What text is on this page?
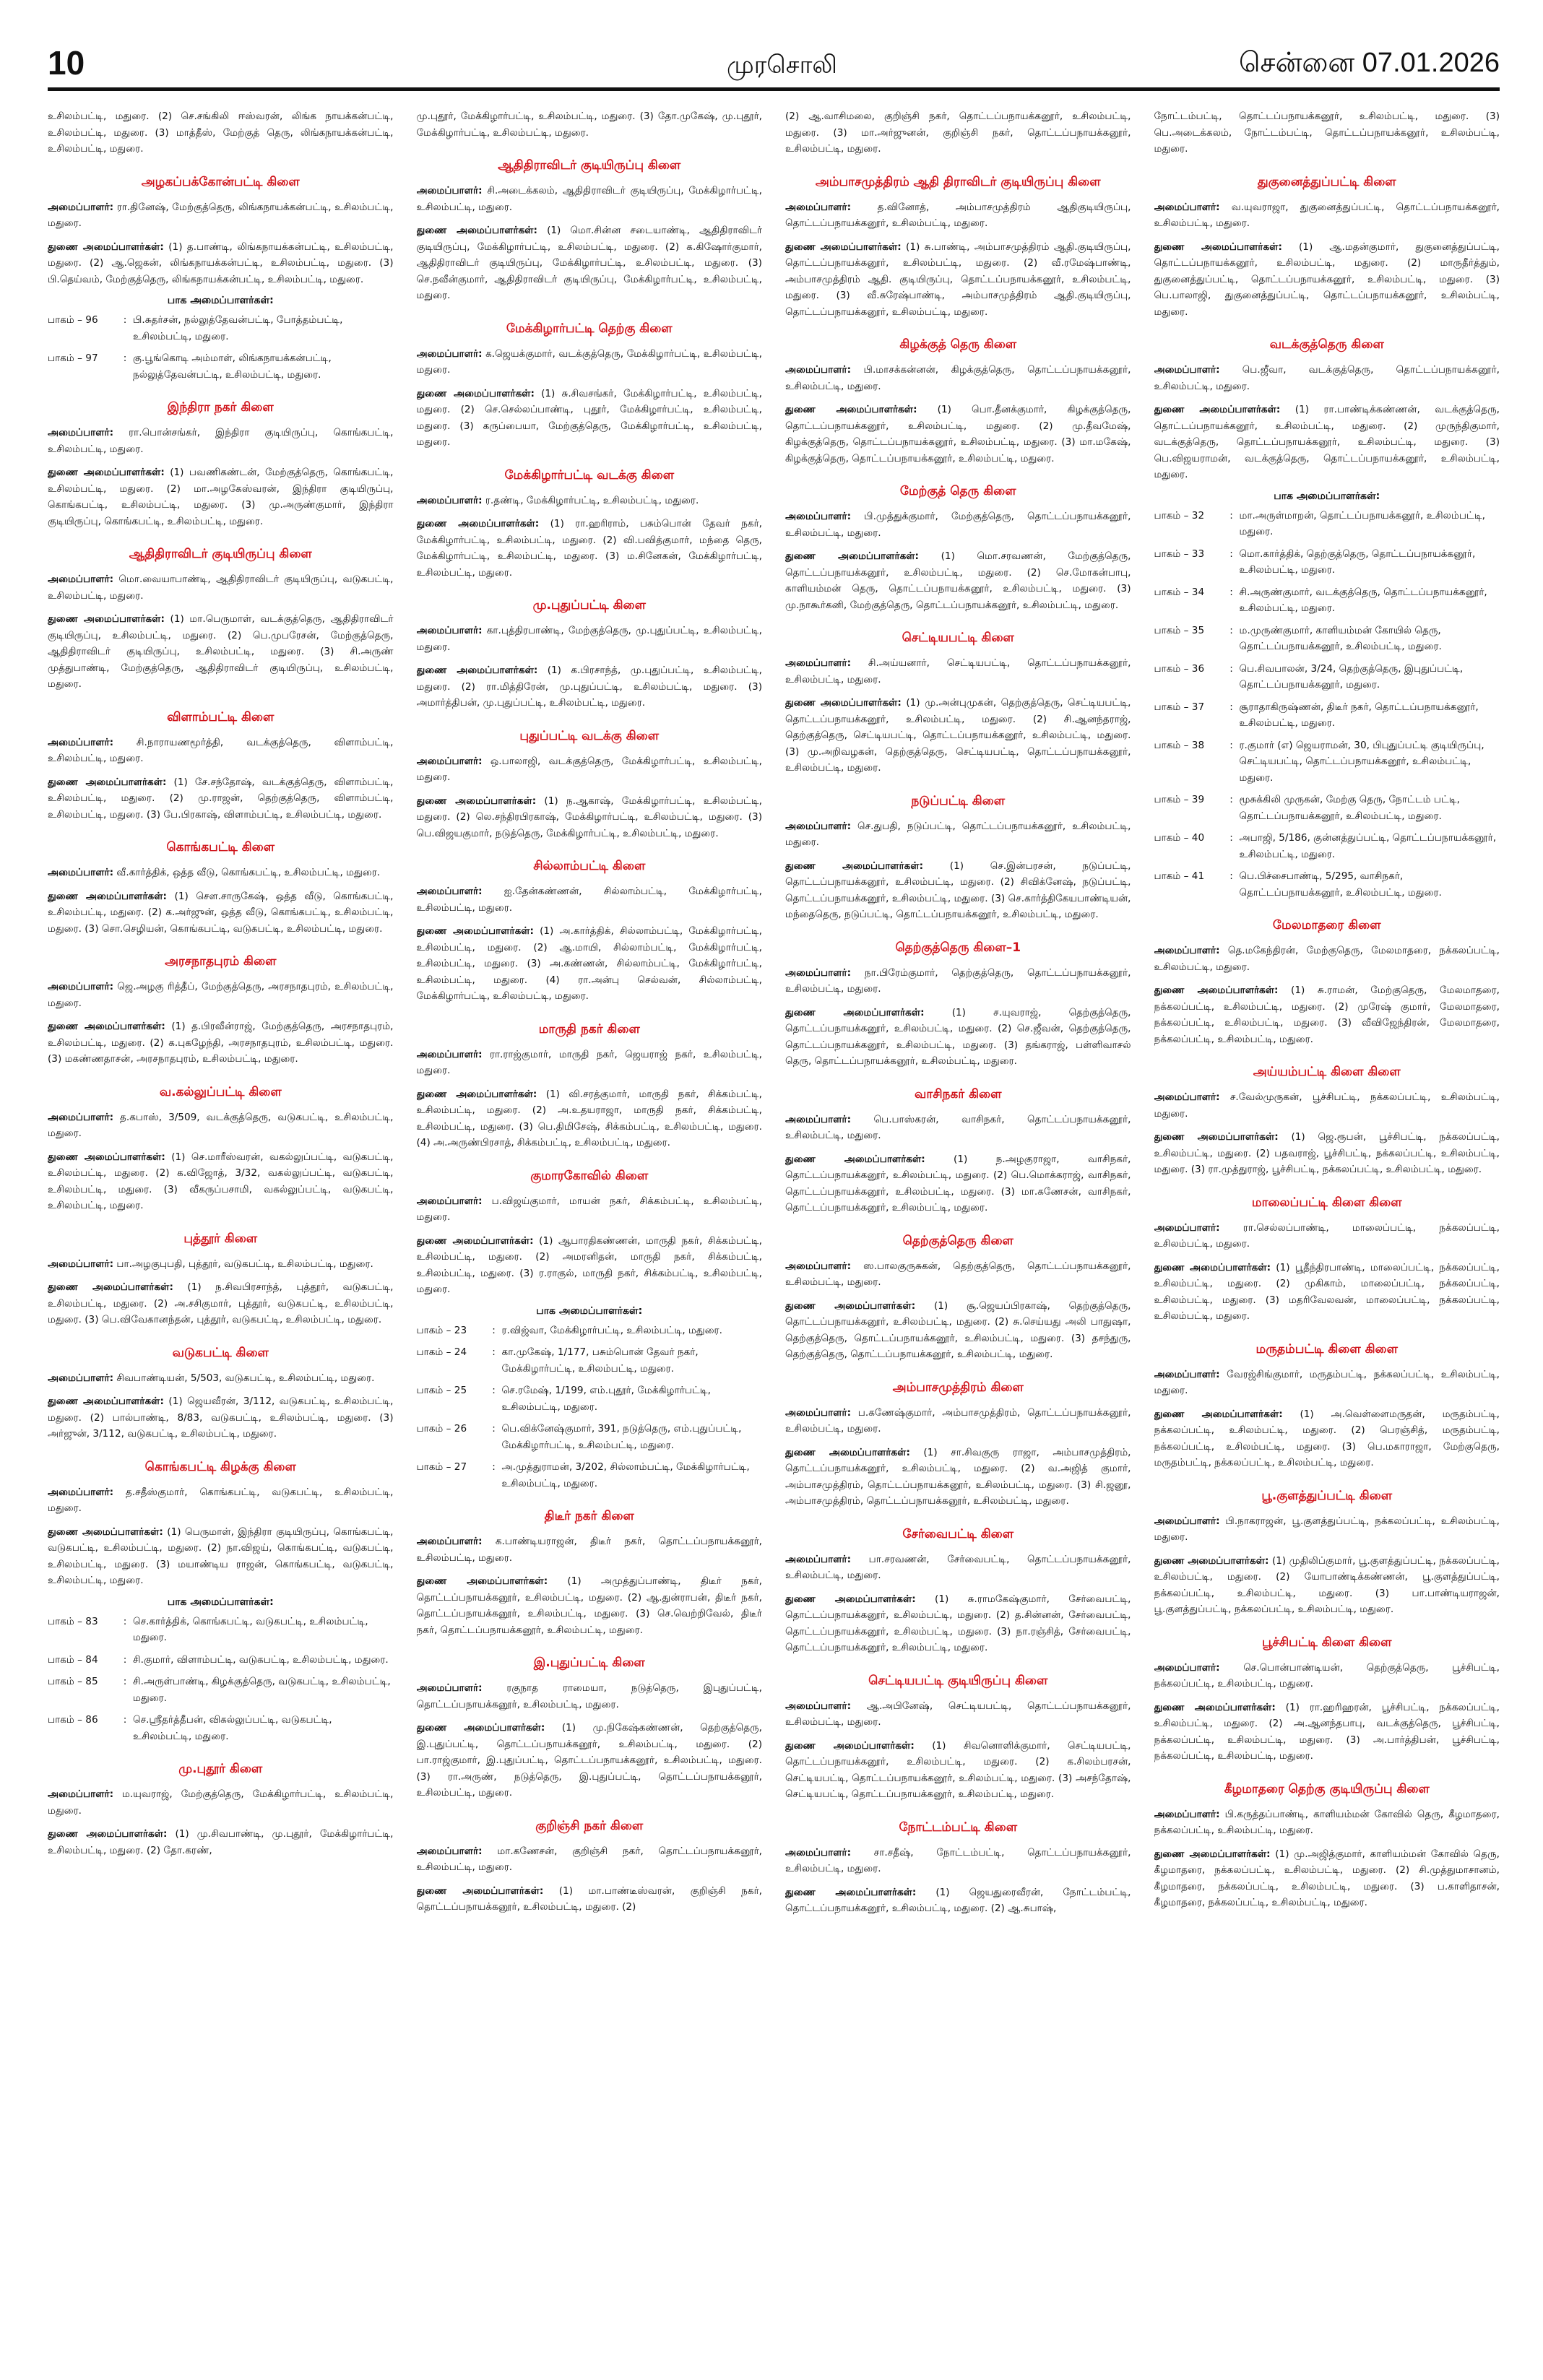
10	முரசொலி	சென்னை 07.01.2026

உசிலம்பட்டி, மதுரை. (2) செ.சங்கிலி ஈஸ்வரன், லிங்க நாயக்கன்பட்டி, உசிலம்பட்டி, மதுரை. (3) மாத்தீஸ், மேற்குத் தெரு, லிங்கநாயக்கன்பட்டி, உசிலம்பட்டி, மதுரை.

அழகப்பக்கோன்பட்டி கிளை

அமைப்பாளர்: ரா.தினேஷ், மேற்குத்தெரு, லிங்கநாயக்கன்பட்டி, உசிலம்பட்டி, மதுரை.

துணை அமைப்பாளர்கள்: (1) த.பாண்டி, லிங்கநாயக்கன்பட்டி, உசிலம்பட்டி, மதுரை. (2) ஆ.ஜெகன், லிங்கநாயக்கன்பட்டி, உசிலம்பட்டி, மதுரை. (3) பி.தெய்வம், மேற்குத்தெரு, லிங்கநாயக்கன்பட்டி, உசிலம்பட்டி, மதுரை.

பாக அமைப்பாளர்கள்:
பாகம் – 96	: பி.சுதர்சன், நல்லுத்தேவன்பட்டி, போத்தம்பட்டி, உசிலம்பட்டி, மதுரை.
பாகம் – 97	: கு.பூங்கொடி அம்மாள், லிங்கநாயக்கன்பட்டி, நல்லுத்தேவன்பட்டி, உசிலம்பட்டி, மதுரை.
இந்திரா நகர் கிளை

அமைப்பாளர்: ரா.பொன்சங்கர், இந்திரா குடியிருப்பு, கொங்கபட்டி, உசிலம்பட்டி, மதுரை.

துணை அமைப்பாளர்கள்: (1) பவணிகண்டன், மேற்குத்தெரு, கொங்கபட்டி, உசிலம்பட்டி, மதுரை. (2) மா.அழகேஸ்வரன், இந்திரா குடியிருப்பு, கொங்கபட்டி, உசிலம்பட்டி, மதுரை. (3) மு.அருண்குமார், இந்திரா குடியிருப்பு, கொங்கபட்டி, உசிலம்பட்டி, மதுரை.

ஆதிதிராவிடர் குடியிருப்பு கிளை

அமைப்பாளர்: மொ.வையாபாண்டி, ஆதிதிராவிடர் குடியிருப்பு, வடுகபட்டி, உசிலம்பட்டி, மதுரை.

துணை அமைப்பாளர்கள்: (1) மா.பெருமாள், வடக்குத்தெரு, ஆதிதிராவிடர் குடியிருப்பு, உசிலம்பட்டி, மதுரை. (2) பெ.முபரேசன், மேற்குத்தெரு, ஆதிதிராவிடர் குடியிருப்பு, உசிலம்பட்டி, மதுரை. (3) சி.அருண் முத்துபாண்டி, மேற்குத்தெரு, ஆதிதிராவிடர் குடியிருப்பு, உசிலம்பட்டி, மதுரை.

விளாம்பட்டி கிளை

அமைப்பாளர்: சி.நாராயணமூர்த்தி, வடக்குத்தெரு, விளாம்பட்டி, உசிலம்பட்டி, மதுரை.

துணை அமைப்பாளர்கள்: (1) சே.சந்தோஷ், வடக்குத்தெரு, விளாம்பட்டி, உசிலம்பட்டி, மதுரை. (2) மு.ராஜன், தெற்குத்தெரு, விளாம்பட்டி, உசிலம்பட்டி, மதுரை. (3) பே.பிரகாஷ், விளாம்பட்டி, உசிலம்பட்டி, மதுரை.

கொங்கபட்டி கிளை

அமைப்பாளர்: வீ.கார்த்திக், ஒத்த வீடு, கொங்கபட்டி, உசிலம்பட்டி, மதுரை.

துணை அமைப்பாளர்கள்: (1) செள.சாருகேஷ், ஒத்த வீடு, கொங்கபட்டி, உசிலம்பட்டி, மதுரை. (2) க.அர்ஜுன், ஒத்த வீடு, கொங்கபட்டி, உசிலம்பட்டி, மதுரை. (3) சொ.செழியன், கொங்கபட்டி, வடுகபட்டி, உசிலம்பட்டி, மதுரை.

அரசநாதபுரம் கிளை

அமைப்பாளர்: ஜெ.அழகு ரித்தீப், மேற்குத்தெரு, அரசநாதபுரம், உசிலம்பட்டி, மதுரை.

துணை அமைப்பாளர்கள்: (1) த.பிரவீன்ராஜ், மேற்குத்தெரு, அரசநாதபுரம், உசிலம்பட்டி, மதுரை. (2) க.புகழேந்தி, அரசநாதபுரம், உசிலம்பட்டி, மதுரை. (3) மகண்ணதாசன், அரசநாதபுரம், உசிலம்பட்டி, மதுரை.

வ.கல்லுப்பட்டி கிளை

அமைப்பாளர்: த.கபாஸ், 3/509, வடக்குத்தெரு, வடுகபட்டி, உசிலம்பட்டி, மதுரை.

துணை அமைப்பாளர்கள்: (1) செ.மாரீஸ்வரன், வகல்லுப்பட்டி, வடுகபட்டி, உசிலம்பட்டி, மதுரை. (2) க.விஜோத், 3/32, வகல்லுப்பட்டி, வடுகபட்டி, உசிலம்பட்டி, மதுரை. (3) வீகருப்பசாமி, வகல்லுப்பட்டி, வடுகபட்டி, உசிலம்பட்டி, மதுரை.

புத்தூர் கிளை

அமைப்பாளர்: பா.அழகுபுபதி, புத்தூர், வடுகபட்டி, உசிலம்பட்டி, மதுரை.

துணை அமைப்பாளர்கள்: (1) ந.சிவபிரசாந்த், புத்தூர், வடுகபட்டி, உசிலம்பட்டி, மதுரை. (2) அ.சசிகுமார், புத்தூர், வடுகபட்டி, உசிலம்பட்டி, மதுரை. (3) பெ.விவேகானந்தன், புத்தூர், வடுகபட்டி, உசிலம்பட்டி, மதுரை.

வடுகபட்டி கிளை

அமைப்பாளர்: சிவபாண்டியன், 5/503, வடுகபட்டி, உசிலம்பட்டி, மதுரை.

துணை அமைப்பாளர்கள்: (1) ஜெயவீரன், 3/112, வடுகபட்டி, உசிலம்பட்டி, மதுரை. (2) பால்பாண்டி, 8/83, வடுகபட்டி, உசிலம்பட்டி, மதுரை. (3) அர்ஜுன், 3/112, வடுகபட்டி, உசிலம்பட்டி, மதுரை.

கொங்கபட்டி கிழக்கு கிளை

அமைப்பாளர்: த.சதீஸ்குமார், கொங்கபட்டி, வடுகபட்டி, உசிலம்பட்டி, மதுரை.

துணை அமைப்பாளர்கள்: (1) பெருமாள், இந்திரா குடியிருப்பு, கொங்கபட்டி, வடுகபட்டி, உசிலம்பட்டி, மதுரை. (2) நா.விஜய், கொங்கபட்டி, வடுகபட்டி, உசிலம்பட்டி, மதுரை. (3) மயாண்டிய ராஜன், கொங்கபட்டி, வடுகபட்டி, உசிலம்பட்டி, மதுரை.

பாக அமைப்பாளர்கள்:
பாகம் – 83	: செ.கார்த்திக், கொங்கபட்டி, வடுகபட்டி, உசிலம்பட்டி, மதுரை.
பாகம் – 84	: சி.குமார், விளாம்பட்டி, வடுகபட்டி, உசிலம்பட்டி, மதுரை.
பாகம் – 85	: சி.அருள்பாண்டி, கிழக்குத்தெரு, வடுகபட்டி, உசிலம்பட்டி, மதுரை.
பாகம் – 86	: செ.ஸ்ரீதர்த்தீபன், விகல்லுப்பட்டி, வடுகபட்டி, உசிலம்பட்டி, மதுரை.
மு.புதூர் கிளை

அமைப்பாளர்: ம.யுவராஜ், மேற்குத்தெரு, மேக்கிழார்பட்டி, உசிலம்பட்டி, மதுரை.

துணை அமைப்பாளர்கள்: (1) மு.சிவபாண்டி, மு.புதூர், மேக்கிழார்பட்டி, உசிலம்பட்டி, மதுரை. (2) தோ.கரண்,

மு.புதூர், மேக்கிழார்பட்டி, உசிலம்பட்டி, மதுரை. (3) தோ.முகேஷ், மு.புதூர், மேக்கிழார்பட்டி, உசிலம்பட்டி, மதுரை.

ஆதிதிராவிடர் குடியிருப்பு கிளை

அமைப்பாளர்: சி.அடைக்கலம், ஆதிதிராவிடர் குடியிருப்பு, மேக்கிழார்பட்டி, உசிலம்பட்டி, மதுரை.

துணை அமைப்பாளர்கள்: (1) மொ.சின்ன சடையாண்டி, ஆதிதிராவிடர் குடியிருப்பு, மேக்கிழார்பட்டி, உசிலம்பட்டி, மதுரை. (2) க.கிஷோர்குமார், ஆதிதிராவிடர் குடியிருப்பு, மேக்கிழார்பட்டி, உசிலம்பட்டி, மதுரை. (3) செ.நவீன்குமார், ஆதிதிராவிடர் குடியிருப்பு, மேக்கிழார்பட்டி, உசிலம்பட்டி, மதுரை.

மேக்கிழார்பட்டி தெற்கு கிளை

அமைப்பாளர்: க.ஜெயக்குமார், வடக்குத்தெரு, மேக்கிழார்பட்டி, உசிலம்பட்டி, மதுரை.

துணை அமைப்பாளர்கள்: (1) சு.சிவசங்கர், மேக்கிழார்பட்டி, உசிலம்பட்டி, மதுரை. (2) செ.செல்லப்பாண்டி, புதூர், மேக்கிழார்பட்டி, உசிலம்பட்டி, மதுரை. (3) கருப்பையா, மேற்குத்தெரு, மேக்கிழார்பட்டி, உசிலம்பட்டி, மதுரை.

மேக்கிழார்பட்டி வடக்கு கிளை

அமைப்பாளர்: ர.தண்டி, மேக்கிழார்பட்டி, உசிலம்பட்டி, மதுரை.

துணை அமைப்பாளர்கள்: (1) ரா.ஹரிராம், பசும்பொன் தேவர் நகர், மேக்கிழார்பட்டி, உசிலம்பட்டி, மதுரை. (2) வி.பவித்குமார், மந்தை தெரு, மேக்கிழார்பட்டி, உசிலம்பட்டி, மதுரை. (3) ம.சினேகன், மேக்கிழார்பட்டி, உசிலம்பட்டி, மதுரை.

மு.புதுப்பட்டி கிளை

அமைப்பாளர்: கா.புத்திரபாண்டி, மேற்குத்தெரு, மு.புதுப்பட்டி, உசிலம்பட்டி, மதுரை.

துணை அமைப்பாளர்கள்: (1) க.பிரசாந்த், மு.புதுப்பட்டி, உசிலம்பட்டி, மதுரை. (2) ரா.மித்திரேன், மு.புதுப்பட்டி, உசிலம்பட்டி, மதுரை. (3) அமார்த்திபன், மு.புதுப்பட்டி, உசிலம்பட்டி, மதுரை.

புதுப்பட்டி வடக்கு கிளை

அமைப்பாளர்: ஒ.பாலாஜி, வடக்குத்தெரு, மேக்கிழார்பட்டி, உசிலம்பட்டி, மதுரை.

துணை அமைப்பாளர்கள்: (1) ந.ஆகாஷ், மேக்கிழார்பட்டி, உசிலம்பட்டி, மதுரை. (2) லெ.சந்திரபிரகாஷ், மேக்கிழார்பட்டி, உசிலம்பட்டி, மதுரை. (3) பெ.விஜயகுமார், நடுத்தெரு, மேக்கிழார்பட்டி, உசிலம்பட்டி, மதுரை.

சில்லாம்பட்டி கிளை

அமைப்பாளர்: ஐ.தேன்கண்ணன், சில்லாம்பட்டி, மேக்கிழார்பட்டி, உசிலம்பட்டி, மதுரை.

துணை அமைப்பாளர்கள்: (1) அ.கார்த்திக், சில்லாம்பட்டி, மேக்கிழார்பட்டி, உசிலம்பட்டி, மதுரை. (2) ஆ.மாயி, சில்லாம்பட்டி, மேக்கிழார்பட்டி, உசிலம்பட்டி, மதுரை. (3) அ.கண்ணன், சில்லாம்பட்டி, மேக்கிழார்பட்டி, உசிலம்பட்டி, மதுரை. (4) ரா.அன்பு செல்வன், சில்லாம்பட்டி, மேக்கிழார்பட்டி, உசிலம்பட்டி, மதுரை.

மாருதி நகர் கிளை

அமைப்பாளர்: ரா.ராஜ்குமார், மாருதி நகர், ஜெயராஜ் நகர், உசிலம்பட்டி, மதுரை.

துணை அமைப்பாளர்கள்: (1) வி.சரத்குமார், மாருதி நகர், சிக்கம்பட்டி, உசிலம்பட்டி, மதுரை. (2) அ.உதயராஜா, மாருதி நகர், சிக்கம்பட்டி, உசிலம்பட்டி, மதுரை. (3) பெ.திமிசேஷ், சிக்கம்பட்டி, உசிலம்பட்டி, மதுரை. (4) அ.அருண்பிரசாத், சிக்கம்பட்டி, உசிலம்பட்டி, மதுரை.

குமாரகோவில் கிளை

அமைப்பாளர்: ப.விஜய்குமார், மாயன் நகர், சிக்கம்பட்டி, உசிலம்பட்டி, மதுரை.

துணை அமைப்பாளர்கள்: (1) ஆபாரதிகண்ணன், மாருதி நகர், சிக்கம்பட்டி, உசிலம்பட்டி, மதுரை. (2) அமரனிதன், மாருதி நகர், சிக்கம்பட்டி, உசிலம்பட்டி, மதுரை. (3) ர.ராகுல், மாருதி நகர், சிக்கம்பட்டி, உசிலம்பட்டி, மதுரை.

பாக அமைப்பாளர்கள்:
பாகம் – 23	: ர.விஜ்வா, மேக்கிழார்பட்டி, உசிலம்பட்டி, மதுரை.
பாகம் – 24	: கா.முகேஷ், 1/177, பசும்பொன் தேவர் நகர், மேக்கிழார்பட்டி, உசிலம்பட்டி, மதுரை.
பாகம் – 25	: செ.ரமேஷ், 1/199, எம்.புதூர், மேக்கிழார்பட்டி, உசிலம்பட்டி, மதுரை.
பாகம் – 26	: பெ.விக்னேஷ்குமார், 391, நடுத்தெரு, எம்.புதுப்பட்டி, மேக்கிழார்பட்டி, உசிலம்பட்டி, மதுரை.
பாகம் – 27	: அ.முத்துராமன், 3/202, சில்லாம்பட்டி, மேக்கிழார்பட்டி, உசிலம்பட்டி, மதுரை.
திடீர் நகர் கிளை

அமைப்பாளர்: க.பாண்டியராஜன், திடீர் நகர், தொட்டப்பநாயக்கனூர், உசிலம்பட்டி, மதுரை.

துணை அமைப்பாளர்கள்: (1) அமுத்துப்பாண்டி, திடீர் நகர், தொட்டப்பநாயக்கனூர், உசிலம்பட்டி, மதுரை. (2) ஆ.துன்ராபன், திடீர் நகர், தொட்டப்பநாயக்கனூர், உசிலம்பட்டி, மதுரை. (3) செ.வெற்றிவேல், திடீர் நகர், தொட்டப்பநாயக்கனூர், உசிலம்பட்டி, மதுரை.

இ.புதுப்பட்டி கிளை

அமைப்பாளர்: ரகுநாத ராமையா, நடுத்தெரு, இபுதுப்பட்டி, தொட்டப்பநாயக்கனூர், உசிலம்பட்டி, மதுரை.

துணை அமைப்பாளர்கள்: (1) மு.நிகேஷ்கண்ணன், தெற்குத்தெரு, இ.புதுப்பட்டி, தொட்டப்பநாயக்கனூர், உசிலம்பட்டி, மதுரை. (2) பா.ராஜ்குமார், இ.புதுப்பட்டி, தொட்டப்பநாயக்கனூர், உசிலம்பட்டி, மதுரை. (3) ரா.அருண், நடுத்தெரு, இ.புதுப்பட்டி, தொட்டப்பநாயக்கனூர், உசிலம்பட்டி, மதுரை.

குறிஞ்சி நகர் கிளை

அமைப்பாளர்: மா.கணேசன், குறிஞ்சி நகர், தொட்டப்பநாயக்கனூர், உசிலம்பட்டி, மதுரை.

துணை அமைப்பாளர்கள்: (1) மா.பாண்டீஸ்வரன், குறிஞ்சி நகர், தொட்டப்பநாயக்கனூர், உசிலம்பட்டி, மதுரை. (2)

(2) ஆ.வாசிமலை, குறிஞ்சி நகர், தொட்டப்பநாயக்கனூர், உசிலம்பட்டி, மதுரை. (3) மா.அர்ஜுனன், குறிஞ்சி நகர், தொட்டப்பநாயக்கனூர், உசிலம்பட்டி, மதுரை.

அம்பாசமுத்திரம் ஆதி திராவிடர் குடியிருப்பு கிளை

அமைப்பாளர்: த.வினோத், அம்பாசமுத்திரம் ஆதிகுடியிருப்பு, தொட்டப்பநாயக்கனூர், உசிலம்பட்டி, மதுரை.

துணை அமைப்பாளர்கள்: (1) சு.பாண்டி, அம்பாசமுத்திரம் ஆதி.குடியிருப்பு, தொட்டப்பநாயக்கனூர், உசிலம்பட்டி, மதுரை. (2) வீ.ரமேஷ்பாண்டி, அம்பாசமுத்திரம் ஆதி. குடியிருப்பு, தொட்டப்பநாயக்கனூர், உசிலம்பட்டி, மதுரை. (3) வீ.சுரேஷ்பாண்டி, அம்பாசமுத்திரம் ஆதி.குடியிருப்பு, தொட்டப்பநாயக்கனூர், உசிலம்பட்டி, மதுரை.

கிழக்குத் தெரு கிளை

அமைப்பாளர்: பி.மாசக்கன்னன், கிழக்குத்தெரு, தொட்டப்பநாயக்கனூர், உசிலம்பட்டி, மதுரை.

துணை அமைப்பாளர்கள்: (1) பொ.தீனக்குமார், கிழக்குத்தெரு, தொட்டப்பநாயக்கனூர், உசிலம்பட்டி, மதுரை. (2) மு.தீவமேஷ், கிழக்குத்தெரு, தொட்டப்பநாயக்கனூர், உசிலம்பட்டி, மதுரை. (3) மா.மகேஷ், கிழக்குத்தெரு, தொட்டப்பநாயக்கனூர், உசிலம்பட்டி, மதுரை.

மேற்குத் தெரு கிளை

அமைப்பாளர்: பி.முத்துக்குமார், மேற்குத்தெரு, தொட்டப்பநாயக்கனூர், உசிலம்பட்டி, மதுரை.

துணை அமைப்பாளர்கள்: (1) மொ.சரவணன், மேற்குத்தெரு, தொட்டப்பநாயக்கனூர், உசிலம்பட்டி, மதுரை. (2) செ.மோகன்பாபு, காளியம்மன் தெரு, தொட்டப்பநாயக்கனூர், உசிலம்பட்டி, மதுரை. (3) மு.நாகூர்கனி, மேற்குத்தெரு, தொட்டப்பநாயக்கனூர், உசிலம்பட்டி, மதுரை.

செட்டியபட்டி கிளை

அமைப்பாளர்: சி.அய்யனார், செட்டியபட்டி, தொட்டப்பநாயக்கனூர், உசிலம்பட்டி, மதுரை.

துணை அமைப்பாளர்கள்: (1) மு.அன்புமுகன், தெற்குத்தெரு, செட்டியபட்டி, தொட்டப்பநாயக்கனூர், உசிலம்பட்டி, மதுரை. (2) சி.ஆனந்தராஜ், தெற்குத்தெரு, செட்டியபட்டி, தொட்டப்பநாயக்கனூர், உசிலம்பட்டி, மதுரை. (3) மு.அறிவழகன், தெற்குத்தெரு, செட்டியபட்டி, தொட்டப்பநாயக்கனூர், உசிலம்பட்டி, மதுரை.

நடுப்பட்டி கிளை

அமைப்பாளர்: செ.துபதி, நடுப்பட்டி, தொட்டப்பநாயக்கனூர், உசிலம்பட்டி, மதுரை.

துணை அமைப்பாளர்கள்: (1) செ.இன்பரசன், நடுப்பட்டி, தொட்டப்பநாயக்கனூர், உசிலம்பட்டி, மதுரை. (2) சிவிக்னேஷ், நடுப்பட்டி, தொட்டப்பநாயக்கனூர், உசிலம்பட்டி, மதுரை. (3) செ.கார்த்திகேயபாண்டியன், மந்தைதெரு, நடுப்பட்டி, தொட்டப்பநாயக்கனூர், உசிலம்பட்டி, மதுரை.

தெற்குத்தெரு கிளை–1

அமைப்பாளர்: நா.பிரேம்குமார், தெற்குத்தெரு, தொட்டப்பநாயக்கனூர், உசிலம்பட்டி, மதுரை.

துணை அமைப்பாளர்கள்: (1) ச.யுவராஜ், தெற்குத்தெரு, தொட்டப்பநாயக்கனூர், உசிலம்பட்டி, மதுரை. (2) செ.ஜீவன், தெற்குத்தெரு, தொட்டப்பநாயக்கனூர், உசிலம்பட்டி, மதுரை. (3) தங்கராஜ், பள்ளிவாசல் தெரு, தொட்டப்பநாயக்கனூர், உசிலம்பட்டி, மதுரை.

வாசிநகர் கிளை

அமைப்பாளர்: பெ.பாஸ்கரன், வாசிநகர், தொட்டப்பநாயக்கனூர், உசிலம்பட்டி, மதுரை.

துணை அமைப்பாளர்கள்: (1) ந.அழகுராஜா, வாசிநகர், தொட்டப்பநாயக்கனூர், உசிலம்பட்டி, மதுரை. (2) பெ.மொக்கராஜ், வாசிநகர், தொட்டப்பநாயக்கனூர், உசிலம்பட்டி, மதுரை. (3) மா.கணேசன், வாசிநகர், தொட்டப்பநாயக்கனூர், உசிலம்பட்டி, மதுரை.

தெற்குத்தெரு கிளை

அமைப்பாளர்: ஸ.பாலகுருசுகன், தெற்குத்தெரு, தொட்டப்பநாயக்கனூர், உசிலம்பட்டி, மதுரை.

துணை அமைப்பாளர்கள்: (1) சூ.ஜெயப்பிரகாஷ், தெற்குத்தெரு, தொட்டப்பநாயக்கனூர், உசிலம்பட்டி, மதுரை. (2) சு.செய்யது அலி பாதுஷா, தெற்குத்தெரு, தொட்டப்பநாயக்கனூர், உசிலம்பட்டி, மதுரை. (3) தசந்துரு, தெற்குத்தெரு, தொட்டப்பநாயக்கனூர், உசிலம்பட்டி, மதுரை.

அம்பாசமுத்திரம் கிளை

அமைப்பாளர்: ப.கணேஷ்குமார், அம்பாசமுத்திரம், தொட்டப்பநாயக்கனூர், உசிலம்பட்டி, மதுரை.

துணை அமைப்பாளர்கள்: (1) சா.சிவகுரு ராஜா, அம்பாசமுத்திரம், தொட்டப்பநாயக்கனூர், உசிலம்பட்டி, மதுரை. (2) வ.அஜித் குமார், அம்பாசமுத்திரம், தொட்டப்பநாயக்கனூர், உசிலம்பட்டி, மதுரை. (3) சி.ஜனூ, அம்பாசமுத்திரம், தொட்டப்பநாயக்கனூர், உசிலம்பட்டி, மதுரை.

சேர்வைபட்டி கிளை

அமைப்பாளர்: பா.சரவணன், சேர்வைபட்டி, தொட்டப்பநாயக்கனூர், உசிலம்பட்டி, மதுரை.

துணை அமைப்பாளர்கள்: (1) சு.ராமகேஷ்குமார், சேர்வைபட்டி, தொட்டப்பநாயக்கனூர், உசிலம்பட்டி, மதுரை. (2) த.சின்னன், சேர்வைபட்டி, தொட்டப்பநாயக்கனூர், உசிலம்பட்டி, மதுரை. (3) நா.ரஞ்சித், சேர்வைபட்டி, தொட்டப்பநாயக்கனூர், உசிலம்பட்டி, மதுரை.

செட்டியபட்டி குடியிருப்பு கிளை

அமைப்பாளர்: ஆ.அபினேஷ், செட்டியபட்டி, தொட்டப்பநாயக்கனூர், உசிலம்பட்டி, மதுரை.

துணை அமைப்பாளர்கள்: (1) சிவனொளிக்குமார், செட்டியபட்டி, தொட்டப்பநாயக்கனூர், உசிலம்பட்டி, மதுரை. (2) க.சிலம்பரசன், செட்டியபட்டி, தொட்டப்பநாயக்கனூர், உசிலம்பட்டி, மதுரை. (3) அசந்தோஷ், செட்டியபட்டி, தொட்டப்பநாயக்கனூர், உசிலம்பட்டி, மதுரை.

நோட்டம்பட்டி கிளை

அமைப்பாளர்: சா.சதீஷ், நோட்டம்பட்டி, தொட்டப்பநாயக்கனூர், உசிலம்பட்டி, மதுரை.

துணை அமைப்பாளர்கள்: (1) ஜெயதுரைவீரன், நோட்டம்பட்டி, தொட்டப்பநாயக்கனூர், உசிலம்பட்டி, மதுரை. (2) ஆ.சுபாஷ்,

நோட்டம்பட்டி, தொட்டப்பநாயக்கனூர், உசிலம்பட்டி, மதுரை. (3) பெ.அடைக்கலம், நோட்டம்பட்டி, தொட்டப்பநாயக்கனூர், உசிலம்பட்டி, மதுரை.

துகுனைத்துப்பட்டி கிளை

அமைப்பாளர்: வ.யுவராஜா, துகுனைத்துப்பட்டி, தொட்டப்பநாயக்கனூர், உசிலம்பட்டி, மதுரை.

துணை அமைப்பாளர்கள்: (1) ஆ.மதன்குமார், துகுனைத்துப்பட்டி, தொட்டப்பநாயக்கனூர், உசிலம்பட்டி, மதுரை. (2) மாருதீர்த்தும், துகுனைத்துப்பட்டி, தொட்டப்பநாயக்கனூர், உசிலம்பட்டி, மதுரை. (3) பெ.பாலாஜி, துகுனைத்துப்பட்டி, தொட்டப்பநாயக்கனூர், உசிலம்பட்டி, மதுரை.

வடக்குத்தெரு கிளை

அமைப்பாளர்: பெ.ஜீவா, வடக்குத்தெரு, தொட்டப்பநாயக்கனூர், உசிலம்பட்டி, மதுரை.

துணை அமைப்பாளர்கள்: (1) ரா.பாண்டிக்கண்ணன், வடக்குத்தெரு, தொட்டப்பநாயக்கனூர், உசிலம்பட்டி, மதுரை. (2) முருந்திகுமார், வடக்குத்தெரு, தொட்டப்பநாயக்கனூர், உசிலம்பட்டி, மதுரை. (3) பெ.விஜயராமன், வடக்குத்தெரு, தொட்டப்பநாயக்கனூர், உசிலம்பட்டி, மதுரை.

பாக அமைப்பாளர்கள்:
பாகம் – 32	: மா.அருள்மாறன், தொட்டப்பநாயக்கனூர், உசிலம்பட்டி, மதுரை.
பாகம் – 33	: மொ.கார்த்திக், தெற்குத்தெரு, தொட்டப்பநாயக்கனூர், உசிலம்பட்டி, மதுரை.
பாகம் – 34	: சி.அருண்குமார், வடக்குத்தெரு, தொட்டப்பநாயக்கனூர், உசிலம்பட்டி, மதுரை.
பாகம் – 35	: ம.முருண்குமார், காளியம்மன் கோயில் தெரு, தொட்டப்பநாயக்கனூர், உசிலம்பட்டி, மதுரை.
பாகம் – 36	: பெ.சிவபாலன், 3/24, தெற்குத்தெரு, இபுதுப்பட்டி, தொட்டப்பநாயக்கனூர், மதுரை.
பாகம் – 37	: சூராதாகிருஷ்ணன், திடீர் நகர், தொட்டப்பநாயக்கனூர், உசிலம்பட்டி, மதுரை.
பாகம் – 38	: ர.குமார் (எ) ஜெயராமன், 30, பிபுதுப்பட்டி குடியிருப்பு, செட்டியபட்டி, தொட்டப்பநாயக்கனூர், உசிலம்பட்டி, மதுரை.
பாகம் – 39	: மூசுக்கிலி முருகன், மேற்கு தெரு, நோட்டம் பட்டி, தொட்டப்பநாயக்கனூர், உசிலம்பட்டி, மதுரை.
பாகம் – 40	: அபாஜி, 5/186, குன்னத்துப்பட்டி, தொட்டப்பநாயக்கனூர், உசிலம்பட்டி, மதுரை.
பாகம் – 41	: பெ.பிச்சைபாண்டி, 5/295, வாசிநகர், தொட்டப்பநாயக்கனூர், உசிலம்பட்டி, மதுரை.
மேலமாதரை கிளை

அமைப்பாளர்: தெ.மகேந்திரன், மேற்குதெரு, மேலமாதரை, நக்கலப்பட்டி, உசிலம்பட்டி, மதுரை.

துணை அமைப்பாளர்கள்: (1) சு.ராமன், மேற்குதெரு, மேலமாதரை, நக்கலப்பட்டி, உசிலம்பட்டி, மதுரை. (2) முரேஷ் குமார், மேலமாதரை, நக்கலப்பட்டி, உசிலம்பட்டி, மதுரை. (3) வீவிஜேந்திரன், மேலமாதரை, நக்கலப்பட்டி, உசிலம்பட்டி, மதுரை.

அய்யம்பட்டி கிளை கிளை

அமைப்பாளர்: ச.வேல்முருகன், பூச்சிபட்டி, நக்கலப்பட்டி, உசிலம்பட்டி, மதுரை.

துணை அமைப்பாளர்கள்: (1) ஜெ.ரூபன், பூச்சிபட்டி, நக்கலப்பட்டி, உசிலம்பட்டி, மதுரை. (2) பதவராஜ், பூச்சிபட்டி, நக்கலப்பட்டி, உசிலம்பட்டி, மதுரை. (3) ரா.முத்துராஜ், பூச்சிபட்டி, நக்கலப்பட்டி, உசிலம்பட்டி, மதுரை.

மாலைப்பட்டி கிளை கிளை

அமைப்பாளர்: ரா.செல்லப்பாண்டி, மாலைப்பட்டி, நக்கலப்பட்டி, உசிலம்பட்டி, மதுரை.

துணை அமைப்பாளர்கள்: (1) பூதீந்திரபாண்டி, மாலைப்பட்டி, நக்கலப்பட்டி, உசிலம்பட்டி, மதுரை. (2) முகிகாம், மாலைப்பட்டி, நக்கலப்பட்டி, உசிலம்பட்டி, மதுரை. (3) மதரிவேலவன், மாலைப்பட்டி, நக்கலப்பட்டி, உசிலம்பட்டி, மதுரை.

மருதம்பட்டி கிளை கிளை

அமைப்பாளர்: வேரஜ்சிங்குமார், மருதம்பட்டி, நக்கலப்பட்டி, உசிலம்பட்டி, மதுரை.

துணை அமைப்பாளர்கள்: (1) அ.வெள்ளைமருதன், மருதம்பட்டி, நக்கலப்பட்டி, உசிலம்பட்டி, மதுரை. (2) பெரஞ்சித், மருதம்பட்டி, நக்கலப்பட்டி, உசிலம்பட்டி, மதுரை. (3) பெ.மகாராஜா, மேற்குதெரு, மருதம்பட்டி, நக்கலப்பட்டி, உசிலம்பட்டி, மதுரை.

பூ.குளத்துப்பட்டி கிளை

அமைப்பாளர்: பி.நாகராஜன், பூ.குளத்துப்பட்டி, நக்கலப்பட்டி, உசிலம்பட்டி, மதுரை.

துணை அமைப்பாளர்கள்: (1) முதிலிப்குமார், பூ.குளத்துப்பட்டி, நக்கலப்பட்டி, உசிலம்பட்டி, மதுரை. (2) யோபாண்டிக்கண்ணன், பூ.குளத்துப்பட்டி, நக்கலப்பட்டி, உசிலம்பட்டி, மதுரை. (3) பா.பாண்டியராஜன், பூ.குளத்துப்பட்டி, நக்கலப்பட்டி, உசிலம்பட்டி, மதுரை.

பூச்சிபட்டி கிளை கிளை

அமைப்பாளர்: செ.பொன்பாண்டியன், தெற்குத்தெரு, பூச்சிபட்டி, நக்கலப்பட்டி, உசிலம்பட்டி, மதுரை.

துணை அமைப்பாளர்கள்: (1) ரா.ஹரிஹரன், பூச்சிபட்டி, நக்கலப்பட்டி, உசிலம்பட்டி, மதுரை. (2) அ.ஆனந்தபாபு, வடக்குத்தெரு, பூச்சிபட்டி, நக்கலப்பட்டி, உசிலம்பட்டி, மதுரை. (3) அ.பார்த்திபன், பூச்சிபட்டி, நக்கலப்பட்டி, உசிலம்பட்டி, மதுரை.

கீழமாதரை தெற்கு குடியிருப்பு கிளை

அமைப்பாளர்: பி.கருத்தப்பாண்டி, காளியம்மன் கோவில் தெரு, கீழமாதரை, நக்கலப்பட்டி, உசிலம்பட்டி, மதுரை.

துணை அமைப்பாளர்கள்: (1) மு.அஜித்குமார், காளியம்மன் கோவில் தெரு, கீழமாதரை, நக்கலப்பட்டி, உசிலம்பட்டி, மதுரை. (2) சி.முத்துமாசானம், கீழமாதரை, நக்கலப்பட்டி, உசிலம்பட்டி, மதுரை. (3) ப.காளிதாசன், கீழமாதரை, நக்கலப்பட்டி, உசிலம்பட்டி, மதுரை.
